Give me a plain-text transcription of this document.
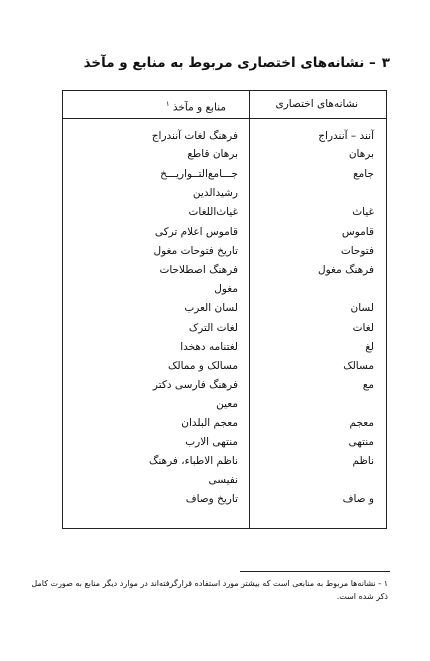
۳– نشانه‌های اختصاری مربوط به منابع و مآخذ
نشانه‌های اختصاری
منابع و مآخذ $^۱$
آنند – آنندراج
برهان
جامع
غیاث
قاموس
فتوحات
فرهنگ مغول
لسان
لغات
لغ
مسالک
مع
معجم
منتهی
ناظم
و صاف
فرهنگ لغات آنندراج
برهان قاطع
جـــامع‌التــواریـــخ
رشیدالدین
غیاث‌اللغات
قاموس اعلام ترکی
تاریخ فتوحات مغول
فرهنگ اصطلاحات
مغول
لسان العرب
لغات الترک
لغتنامه دهخدا
مسالک و ممالک
فرهنگ فارسی دکتر
معین
معجم البلدان
منتهی الارب
ناظم الاطباء، فرهنگ
نفیسی
تاریخ وصاف
۱ - نشانه‌ها مربوط به منابعی است که بیشتر مورد استفاده قرارگرفته‌اند در موارد دیگر منابع به صورت کامل
ذکر شده است.
